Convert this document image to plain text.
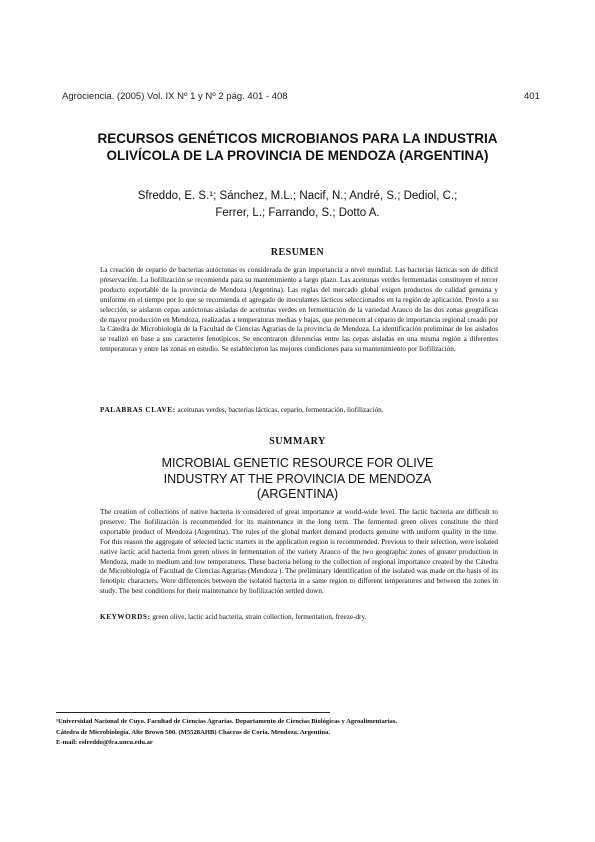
Agrociencia. (2005) Vol. IX Nº 1 y Nº 2 pág. 401 - 408	401
RECURSOS GENÉTICOS MICROBIANOS PARA LA INDUSTRIA
OLIVÍCOLA DE LA PROVINCIA DE MENDOZA (ARGENTINA)
Sfreddo, E. S.¹; Sánchez, M.L.; Nacif, N.; André, S.; Dediol, C.;
Ferrer, L.; Farrando, S.; Dotto A.
RESUMEN

La creación de cepario de bacterias autóctonas es considerada de gran importancia a nivel mundial. Las bacterias lácticas son de difícil preservación. La liofilización se recomienda para su mantenimiento a largo plazo. Las aceitunas verdes fermentadas constituyen el tercer producto exportable de la provincia de Mendoza (Argentina). Las reglas del mercado global exigen productos de calidad genuina y uniforme en el tiempo por lo que se recomienda el agregado de inoculantes lácticos seleccionados en la región de aplicación. Previo a su selección, se aislaron cepas autóctonas aisladas de aceitunas verdes en fermentación de la variedad Arauco de las dos zonas geográficas de mayor producción en Mendoza, realizadas a temperaturas medias y bajas, que pertenecen al cepario de importancia regional creado por la Cátedra de Microbiología de la Facultad de Ciencias Agrarias de la provincia de Mendoza. La identificación preliminar de los aislados se realizó en base a sus caracteres fenotípicos. Se encontraron diferencias entre las cepas aisladas en una misma región a diferentes temperaturas y entre las zonas en estudio. Se establecieron las mejores condiciones para su mantenimiento por liofilización.

PALABRAS CLAVE: aceitunas verdes, bacterias lácticas, cepario, fermentación, liofilización.
SUMMARY
MICROBIAL GENETIC RESOURCE FOR OLIVE
INDUSTRY AT THE PROVINCIA DE MENDOZA
(ARGENTINA)

The creation of collections of native bacteria is considered of great importance at world-wide level. The lactic bacteria are difficult to preserve. The liofilización is recommended for its maintenance in the long term. The fermented green olives constitute the third exportable product of Mendoza (Argentina). The rules of the global market demand products genuine with uniform quality in the time. For this reason the aggregate of selected lactic starters in the application region is recommended. Previous to their selection, were isolated native lactic acid bacteria from green olives in fermentation of the variety Arauco of the two geographic zones of greater production in Mendoza, made to medium and low temperatures. These bacteria belong to the collection of regional importance created by the Cátedra de Microbiología of Facultad de Ciencias Agrarias (Mendoza ). The preliminary identification of the isolated was made on the basis of its fenotípic characters. Were differences between the isolated bacteria in a same region to different temperatures and between the zones in study. The best conditions for their maintenance by liofilización settled down.

KEYWORDS: green olive, lactic acid bacteria, strain collection, fermentation, freeze-dry.
¹Universidad Nacional de Cuyo. Facultad de Ciencias Agrarias. Departamento de Ciencias Biológicas y Agroalimentarias.
Cátedra de Microbiología. Alte Brown 500. (M5528AHB) Chacras de Coria. Mendoza. Argentina.
E-mail: esfreddo@fca.uncu.edu.ar
